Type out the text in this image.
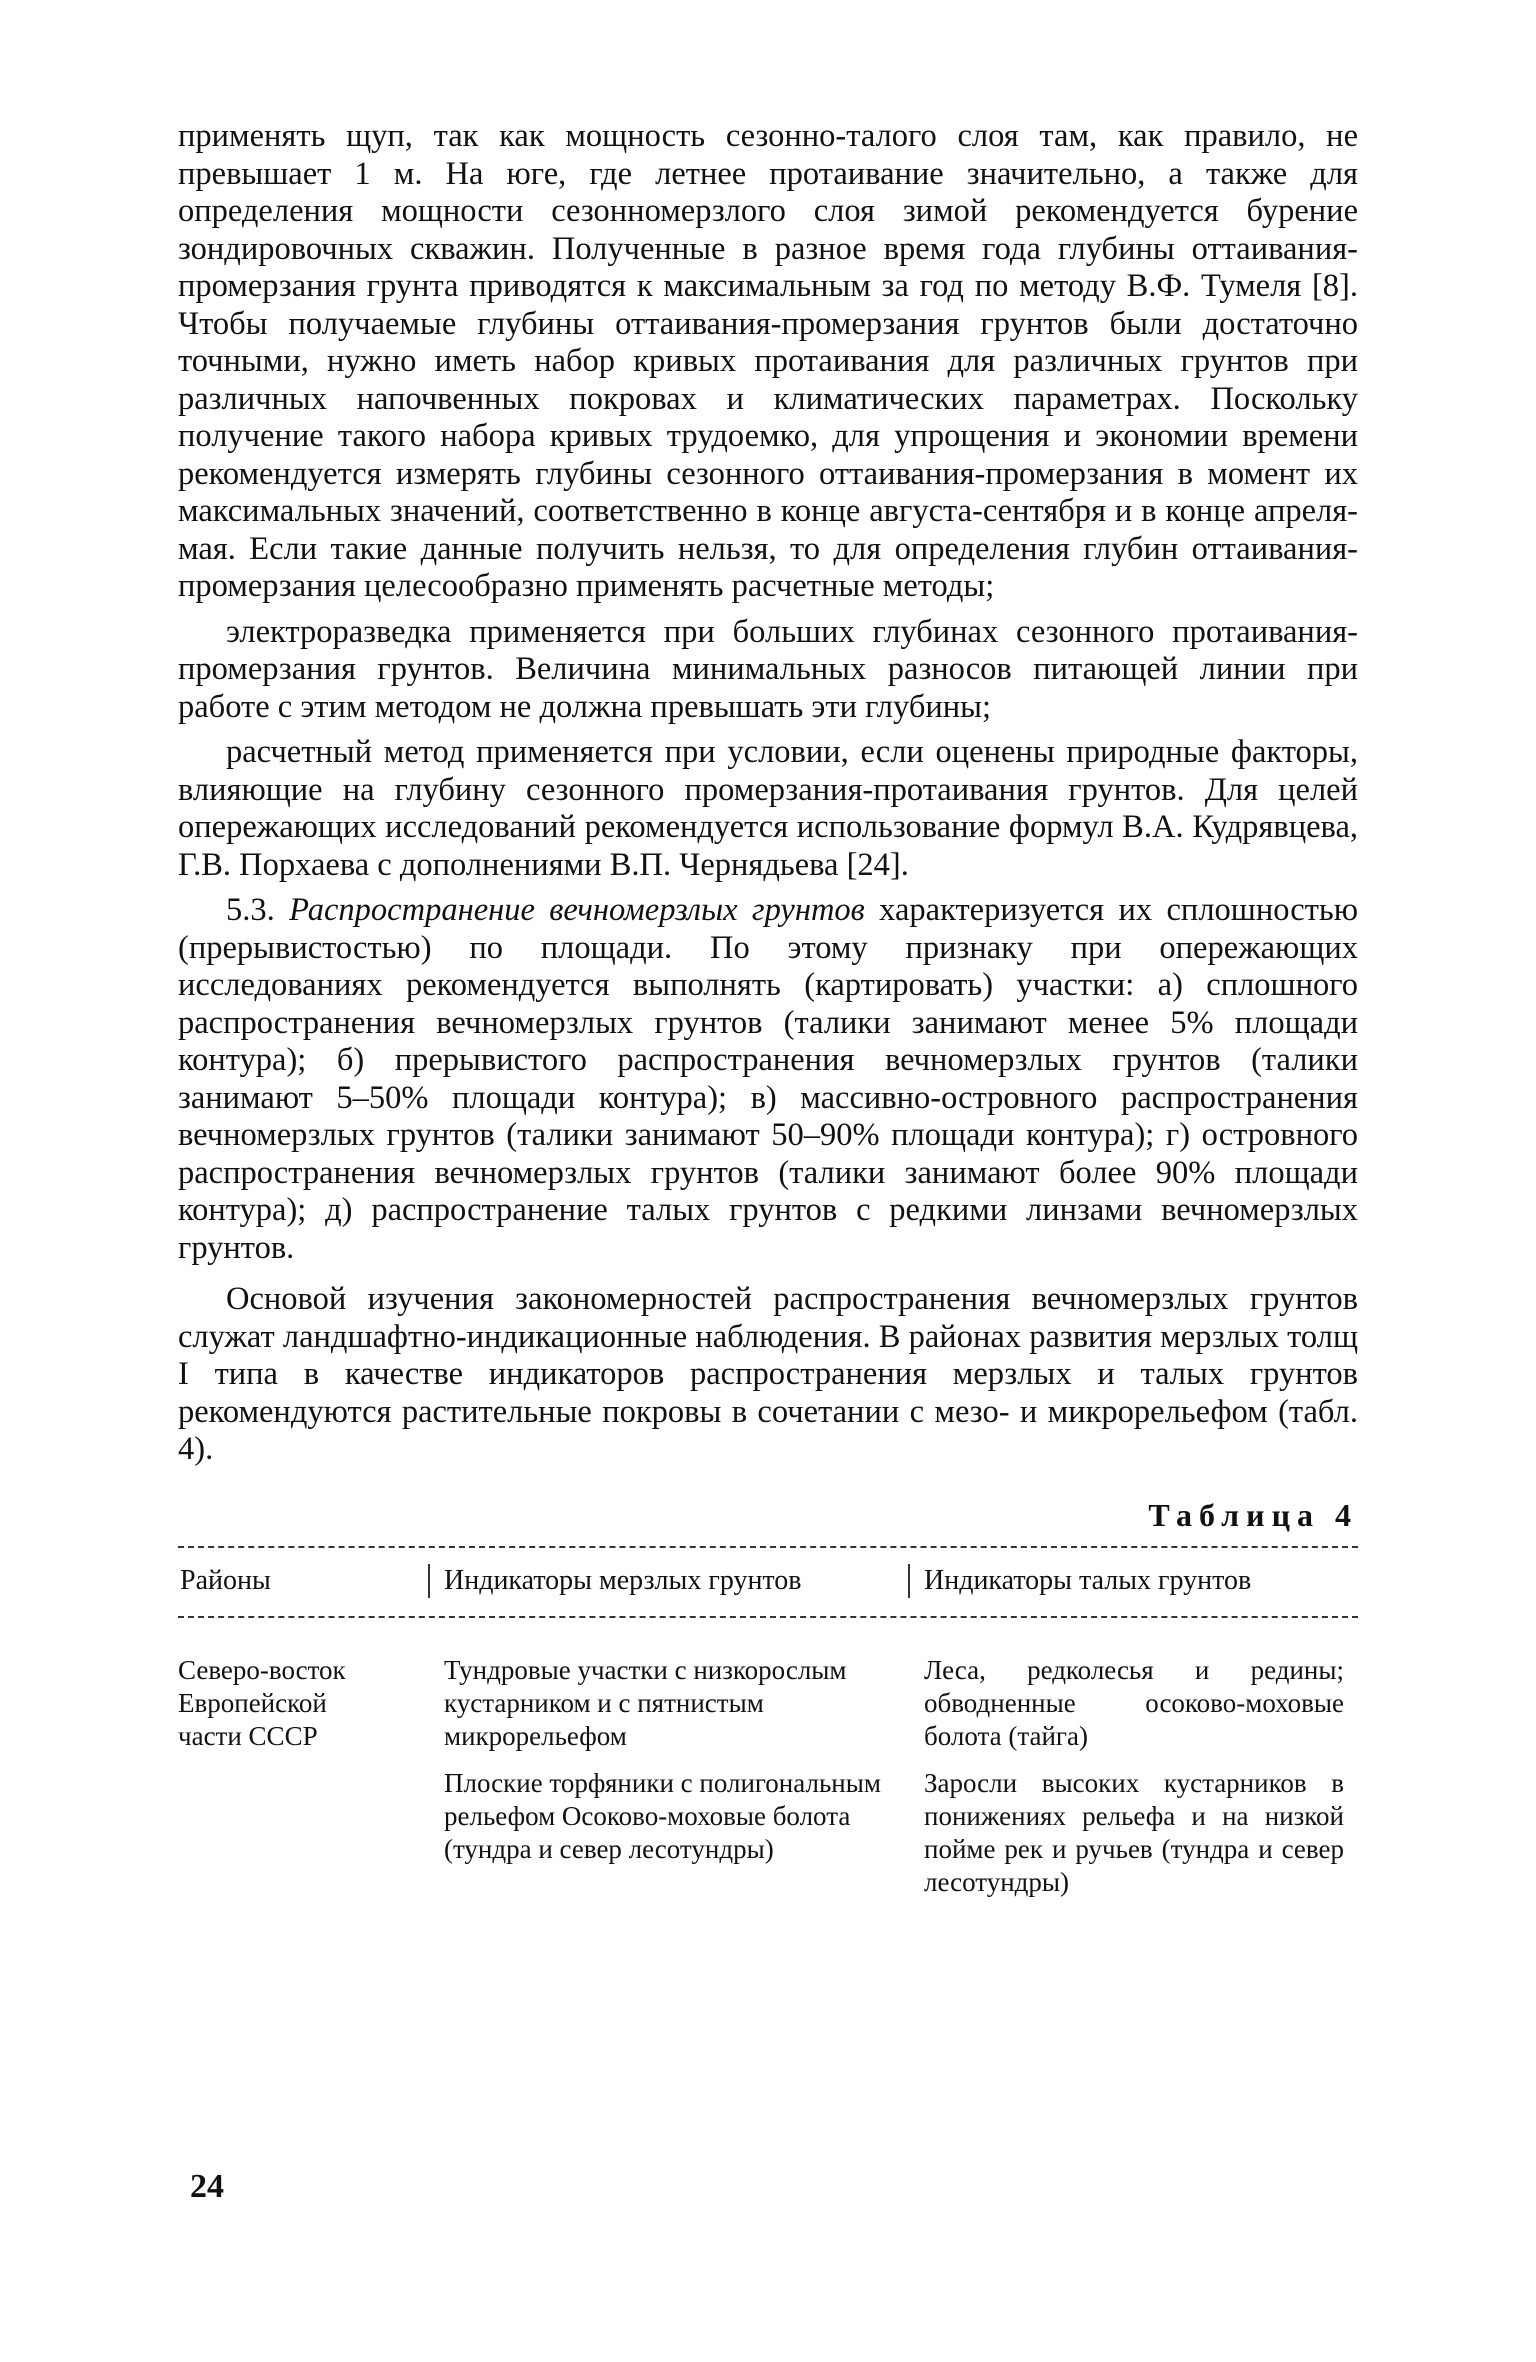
применять щуп, так как мощность сезонно-талого слоя там, как правило, не превышает 1 м. На юге, где летнее протаивание значительно, а также для определения мощности сезонномерзлого слоя зимой рекомендуется бурение зондировочных скважин. Полученные в разное время года глубины оттаивания-промерзания грунта приводятся к максимальным за год по методу В.Ф. Тумеля [8]. Чтобы получаемые глубины оттаивания-промерзания грунтов были достаточно точными, нужно иметь набор кривых протаивания для различных грунтов при различных напочвенных покровах и климатических параметрах. Поскольку получение такого набора кривых трудоемко, для упрощения и экономии времени рекомендуется измерять глубины сезонного оттаивания-промерзания в момент их максимальных значений, соответственно в конце августа-сентября и в конце апреля-мая. Если такие данные получить нельзя, то для определения глубин оттаивания-промерзания целесообразно применять расчетные методы;

электроразведка применяется при больших глубинах сезонного протаивания-промерзания грунтов. Величина минимальных разносов питающей линии при работе с этим методом не должна превышать эти глубины;

расчетный метод применяется при условии, если оценены природные факторы, влияющие на глубину сезонного промерзания-протаивания грунтов. Для целей опережающих исследований рекомендуется использование формул В.А. Кудрявцева, Г.В. Порхаева с дополнениями В.П. Чернядьева [24].

5.3. Распространение вечномерзлых грунтов характеризуется их сплошностью (прерывистостью) по площади. По этому признаку при опережающих исследованиях рекомендуется выполнять (картировать) участки: а) сплошного распространения вечномерзлых грунтов (талики занимают менее 5% площади контура); б) прерывистого распространения вечномерзлых грунтов (талики занимают 5–50% площади контура); в) массивно-островного распространения вечномерзлых грунтов (талики занимают 50–90% площади контура); г) островного распространения вечномерзлых грунтов (талики занимают более 90% площади контура); д) распространение талых грунтов с редкими линзами вечномерзлых грунтов.

Основой изучения закономерностей распространения вечномерзлых грунтов служат ландшафтно-индикационные наблюдения. В районах развития мерзлых толщ I типа в качестве индикаторов распространения мерзлых и талых грунтов рекомендуются растительные покровы в сочетании с мезо- и микрорельефом (табл. 4).

Таблица 4
Районы	Индикаторы мерзлых грунтов	Индикаторы талых грунтов

Северо-восток Европейской части СССР

Тундровые участки с низкорослым кустарником и с пятнистым микрорельефом

Плоские торфяники с полигональным рельефом Осоково-моховые болота (тундра и север лесотундры)

Леса, редколесья и редины; обводненные осоково-моховые болота (тайга)

Заросли высоких кустарников в понижениях рельефа и на низкой пойме рек и ручьев (тундра и север лесотундры)

24
